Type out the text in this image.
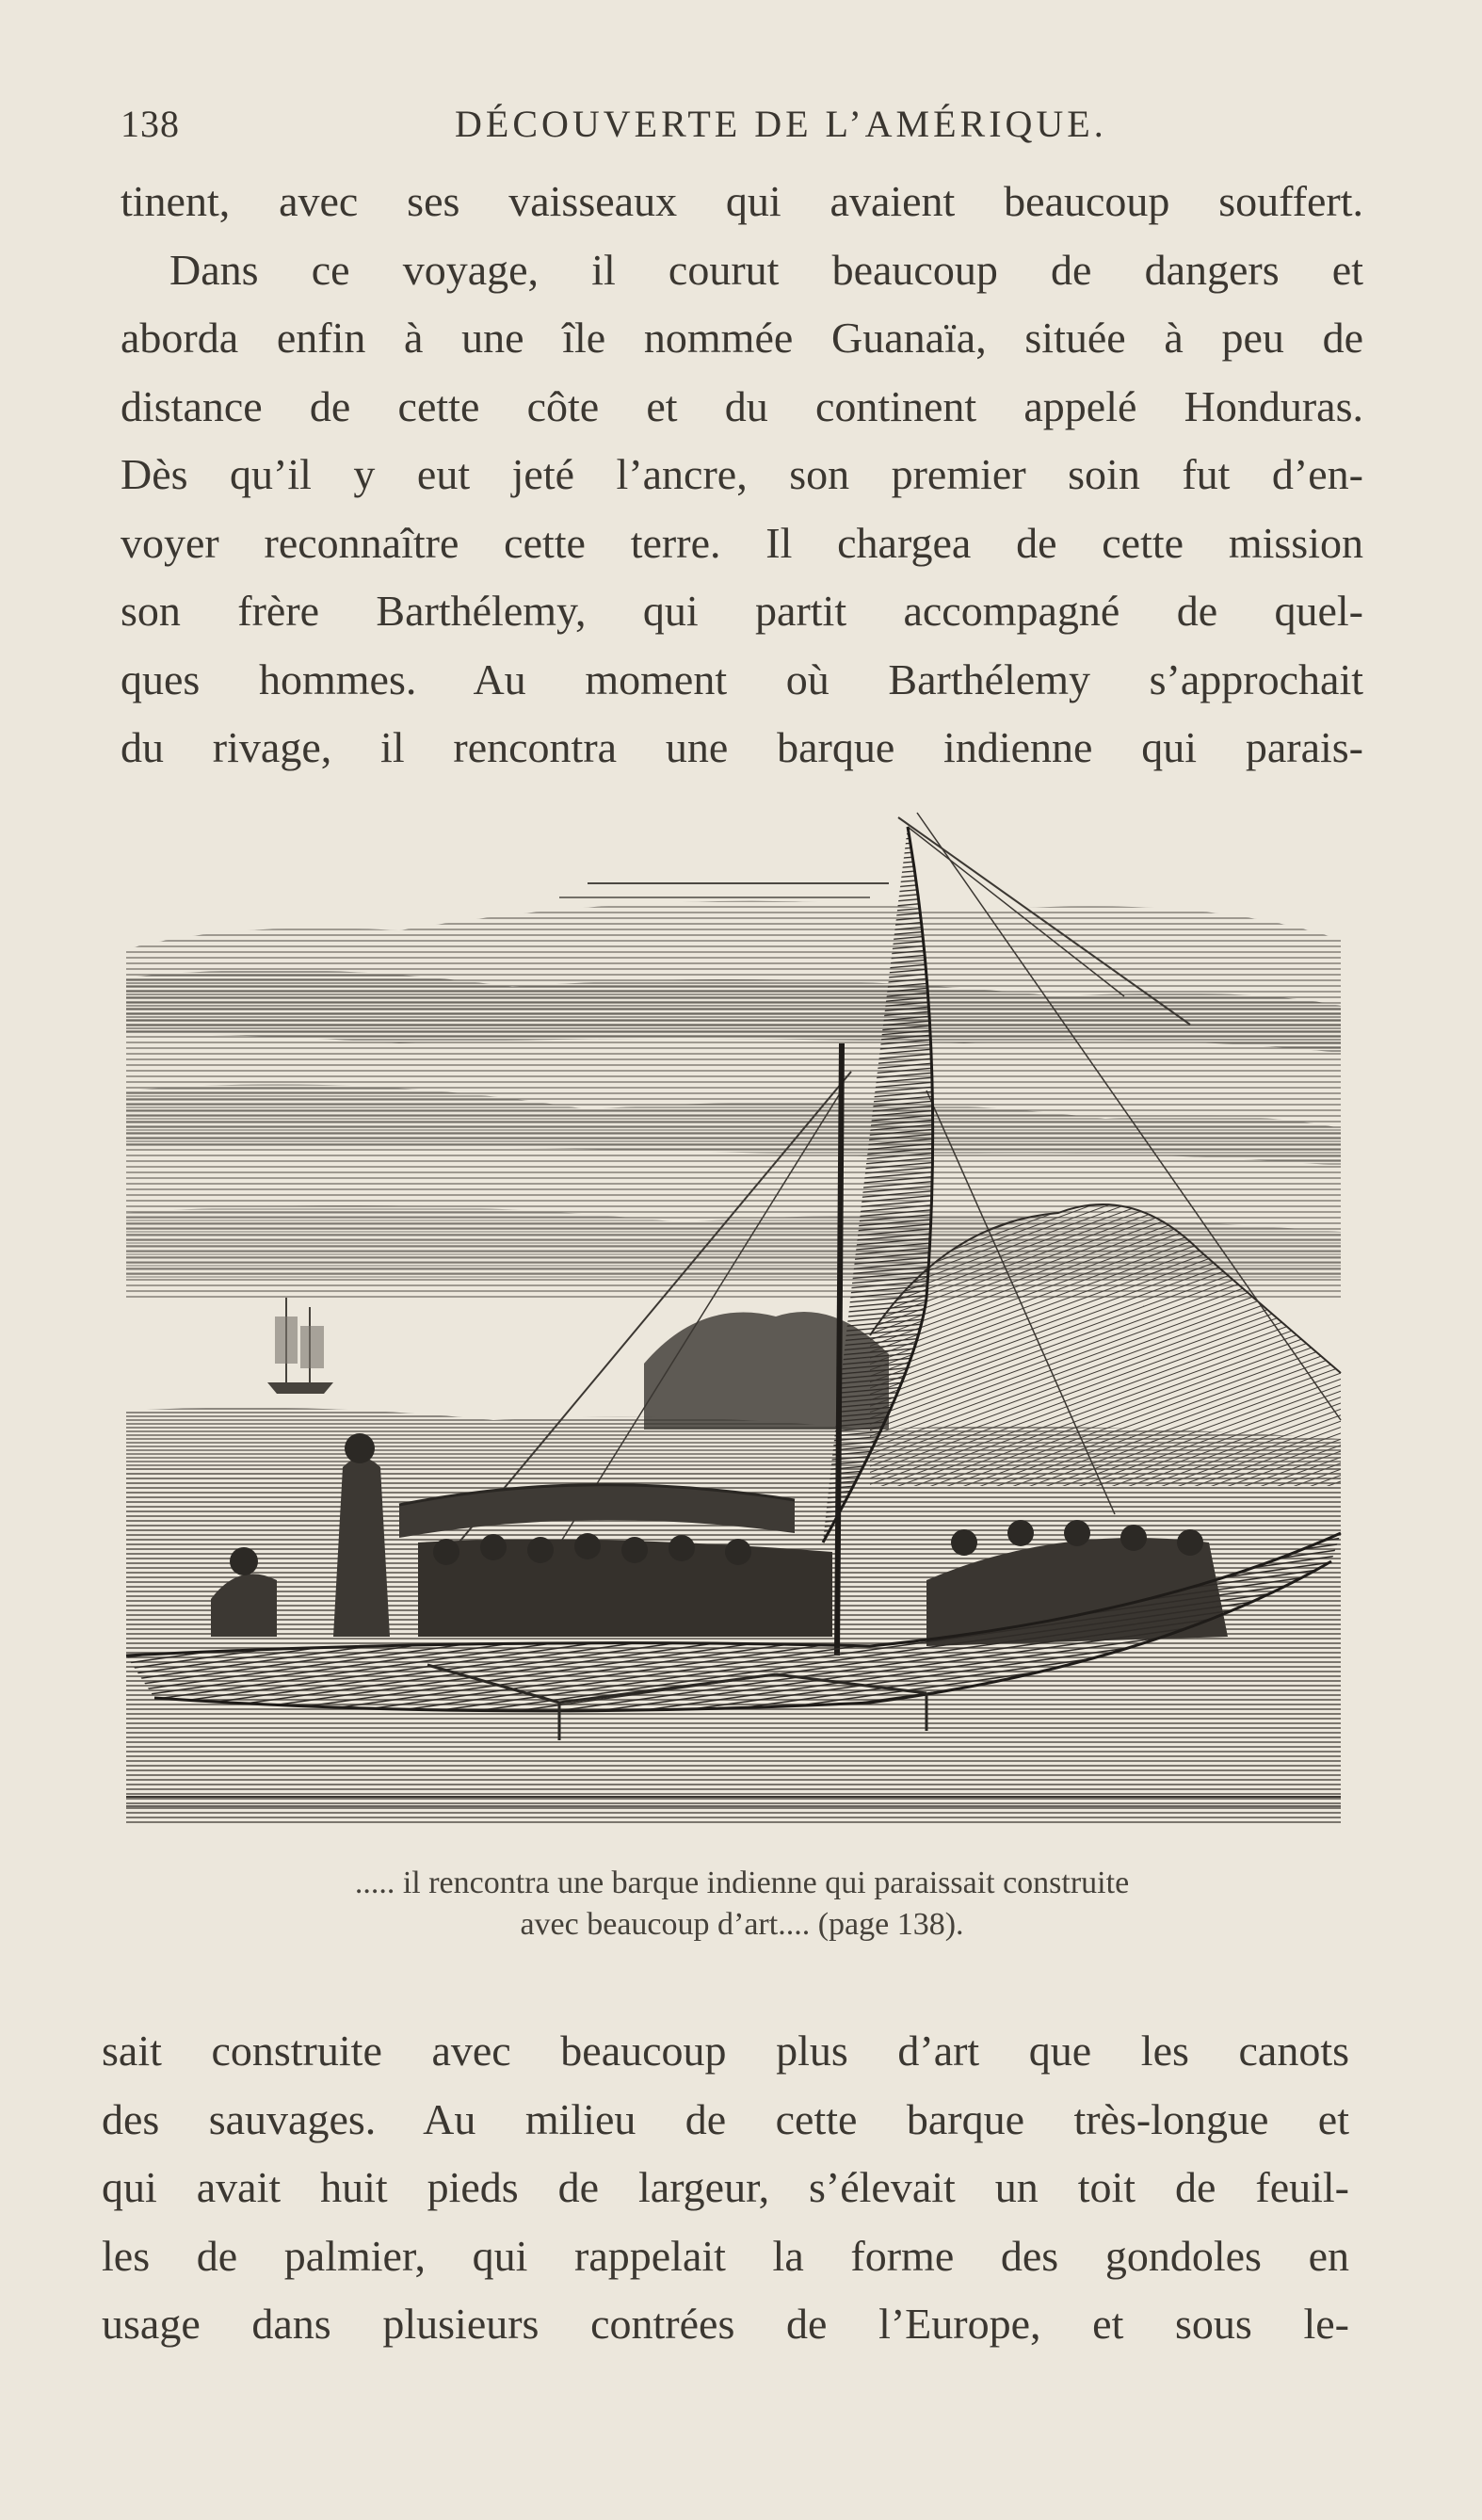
138	DÉCOUVERTE DE L’AMÉRIQUE.
tinent, avec ses vaisseaux qui avaient beaucoup souffert.
Dans ce voyage, il courut beaucoup de dangers et
aborda enfin à une île nommée Guanaïa, située à peu de
distance de cette côte et du continent appelé Honduras.
Dès qu’il y eut jeté l’ancre, son premier soin fut d’en-
voyer reconnaître cette terre. Il chargea de cette mission
son frère Barthélemy, qui partit accompagné de quel-
ques hommes. Au moment où Barthélemy s’approchait
du rivage, il rencontra une barque indienne qui parais-
..... il rencontra une barque indienne qui paraissait construite
avec beaucoup d’art.... (page 138).
sait construite avec beaucoup plus d’art que les canots
des sauvages. Au milieu de cette barque très-longue et
qui avait huit pieds de largeur, s’élevait un toit de feuil-
les de palmier, qui rappelait la forme des gondoles en
usage dans plusieurs contrées de l’Europe, et sous le-
